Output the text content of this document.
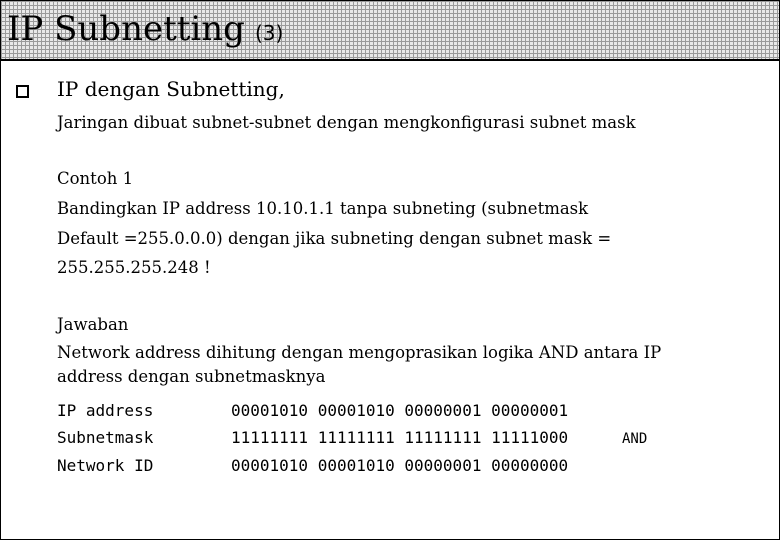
IP Subnetting (3)
IP dengan Subnetting,
Jaringan dibuat subnet-subnet dengan mengkonfigurasi subnet mask
Contoh 1
Bandingkan IP address 10.10.1.1 tanpa subneting (subnetmask
Default =255.0.0.0) dengan jika subneting dengan subnet mask =
255.255.255.248 !
Jawaban
Network address dihitung dengan mengoprasikan logika AND antara IP
address dengan subnetmasknya
IP address	00001010 00001010 00000001 00000001
Subnetmask	11111111 11111111 11111111 11111000	AND
Network ID	00001010 00001010 00000001 00000000
